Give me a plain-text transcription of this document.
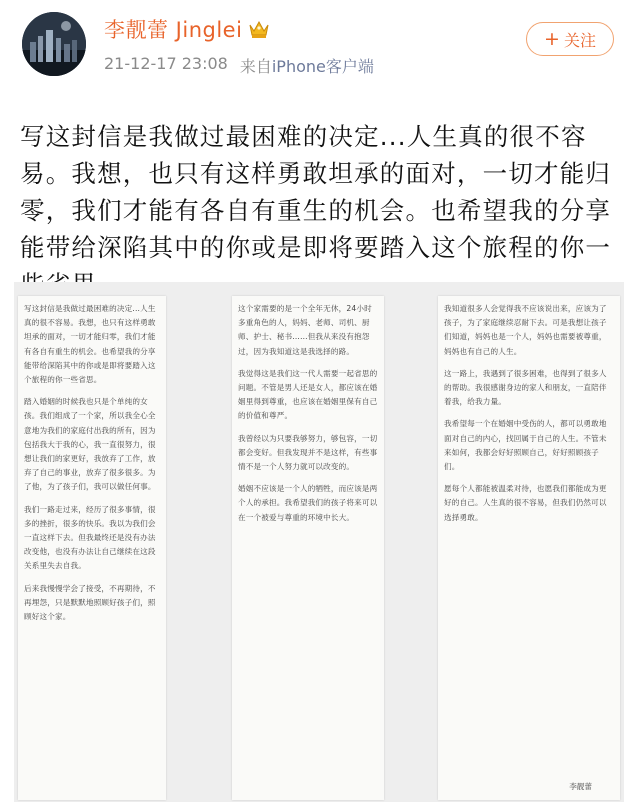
李靓蕾 Jinglei
21-12-17 23:08 来自iPhone客户端
+ 关注
写这封信是我做过最困难的决定...人生真的很不容易。我想，也只有这样勇敢坦承的面对，一切才能归零，我们才能有各自有重生的机会。也希望我的分享能带给深陷其中的你或是即将要踏入这个旅程的你一

写这封信是我做过最困难的决定...人生真的很不容易。我想，也只有这样勇敢坦承的面对，一切才能归零，我们才能有各自有重生的机会。也希望我的分享能带给深陷其中的你或是即将要踏入这个旅程的你一些省思。

踏入婚姻的时候我也只是个单纯的女孩。我们组成了一个家，所以我全心全意地为我们的家庭付出我的所有，因为包括我大于我的心，我一直很努力，很想让我们的家更好，我放弃了工作，放弃了自己的事业，放弃了很多很多。为了他，为了孩子们，我可以做任何事。

我们一路走过来，经历了很多事情，很多的挫折，很多的快乐。我以为我们会一直这样下去。但我最终还是没有办法改变他，也没有办法让自己继续在这段关系里失去自我。

后来我慢慢学会了接受，不再期待，不再埋怨，只是默默地照顾好孩子们，照顾好这个家。

这个家需要的是一个全年无休，24小时多重角色的人，妈妈、老师、司机、厨师、护士、秘书……但我从来没有抱怨过，因为我知道这是我选择的路。

我觉得这是我们这一代人需要一起省思的问题。不管是男人还是女人，都应该在婚姻里得到尊重，也应该在婚姻里保有自己的价值和尊严。

我曾经以为只要我够努力，够包容，一切都会变好。但我发现并不是这样，有些事情不是一个人努力就可以改变的。

婚姻不应该是一个人的牺牲，而应该是两个人的承担。我希望我们的孩子将来可以在一个被爱与尊重的环境中长大。

我知道很多人会觉得我不应该说出来，应该为了孩子，为了家庭继续忍耐下去。可是我想让孩子们知道，妈妈也是一个人，妈妈也需要被尊重，妈妈也有自己的人生。

这一路上，我遇到了很多困难，也得到了很多人的帮助。我很感谢身边的家人和朋友，一直陪伴着我，给我力量。

我希望每一个在婚姻中受伤的人，都可以勇敢地面对自己的内心，找回属于自己的人生。不管未来如何，我都会好好照顾自己，好好照顾孩子们。

愿每个人都能被温柔对待，也愿我们都能成为更好的自己。人生真的很不容易，但我们仍然可以选择勇敢。

李靓蕾
